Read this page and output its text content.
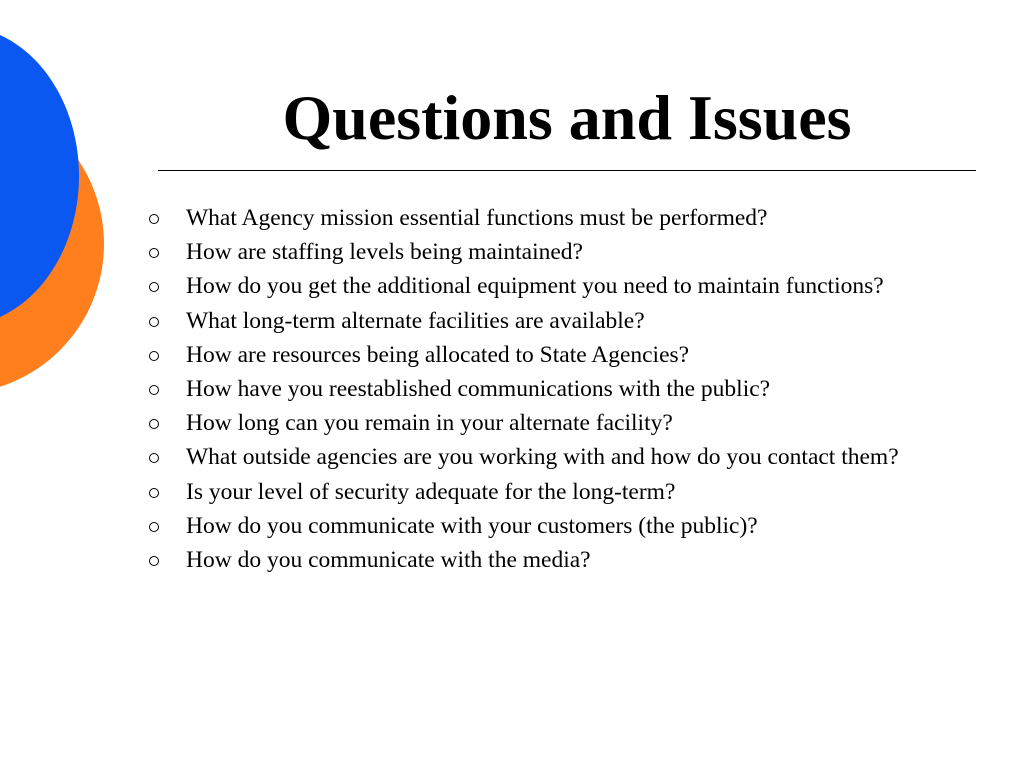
Questions and Issues
What Agency mission essential functions must be performed?
How are staffing levels being maintained?
How do you get the additional equipment you need to maintain functions?
What long-term alternate facilities are available?
How are resources being allocated to State Agencies?
How have you reestablished communications with the public?
How long can you remain in your alternate facility?
What outside agencies are you working with and how do you contact them?
Is your level of security adequate for the long-term?
How do you communicate with your customers (the public)?
How do you communicate with the media?
